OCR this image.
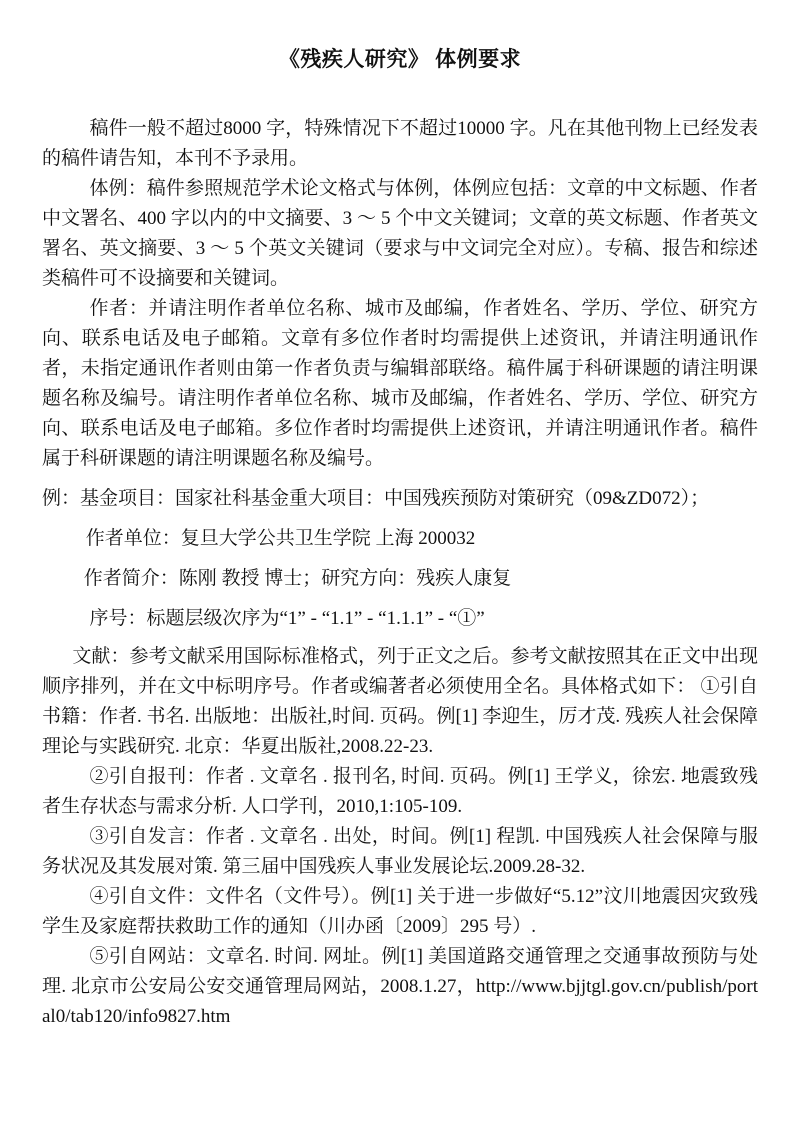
《残疾人研究》 体例要求

稿件一般不超过8000 字，特殊情况下不超过10000 字。凡在其他刊物上已经发表的稿件请告知，本刊不予录用。

体例：稿件参照规范学术论文格式与体例，体例应包括：文章的中文标题、作者中文署名、400 字以内的中文摘要、3 ～ 5 个中文关键词；文章的英文标题、作者英文署名、英文摘要、3 ～ 5 个英文关键词（要求与中文词完全对应）。专稿、报告和综述类稿件可不设摘要和关键词。

作者：并请注明作者单位名称、城市及邮编，作者姓名、学历、学位、研究方向、联系电话及电子邮箱。文章有多位作者时均需提供上述资讯，并请注明通讯作者，未指定通讯作者则由第一作者负责与编辑部联络。稿件属于科研课题的请注明课题名称及编号。请注明作者单位名称、城市及邮编，作者姓名、学历、学位、研究方向、联系电话及电子邮箱。多位作者时均需提供上述资讯，并请注明通讯作者。稿件属于科研课题的请注明课题名称及编号。

例：基金项目：国家社科基金重大项目：中国残疾预防对策研究（09&ZD072）；

作者单位：复旦大学公共卫生学院 上海 200032

作者简介：陈刚 教授 博士；研究方向：残疾人康复

序号：标题层级次序为“1” - “1.1” - “1.1.1” - “①”

文献：参考文献采用国际标准格式，列于正文之后。参考文献按照其在正文中出现顺序排列，并在文中标明序号。作者或编著者必须使用全名。具体格式如下： ①引自书籍：作者. 书名. 出版地：出版社,时间. 页码。例[1] 李迎生，厉才茂. 残疾人社会保障理论与实践研究. 北京：华夏出版社,2008.22-23.

②引自报刊：作者 . 文章名 . 报刊名, 时间. 页码。例[1] 王学义，徐宏. 地震致残者生存状态与需求分析. 人口学刊，2010,1:105-109.

③引自发言：作者 . 文章名 . 出处，时间。例[1] 程凯. 中国残疾人社会保障与服务状况及其发展对策. 第三届中国残疾人事业发展论坛.2009.28-32.

④引自文件：文件名（文件号）。例[1] 关于进一步做好“5.12”汶川地震因灾致残学生及家庭帮扶救助工作的通知（川办函〔2009〕295 号）.

⑤引自网站：文章名. 时间. 网址。例[1] 美国道路交通管理之交通事故预防与处理. 北京市公安局公安交通管理局网站，2008.1.27，http://www.bjjtgl.gov.cn/publish/portal0/tab120/info9827.htm
